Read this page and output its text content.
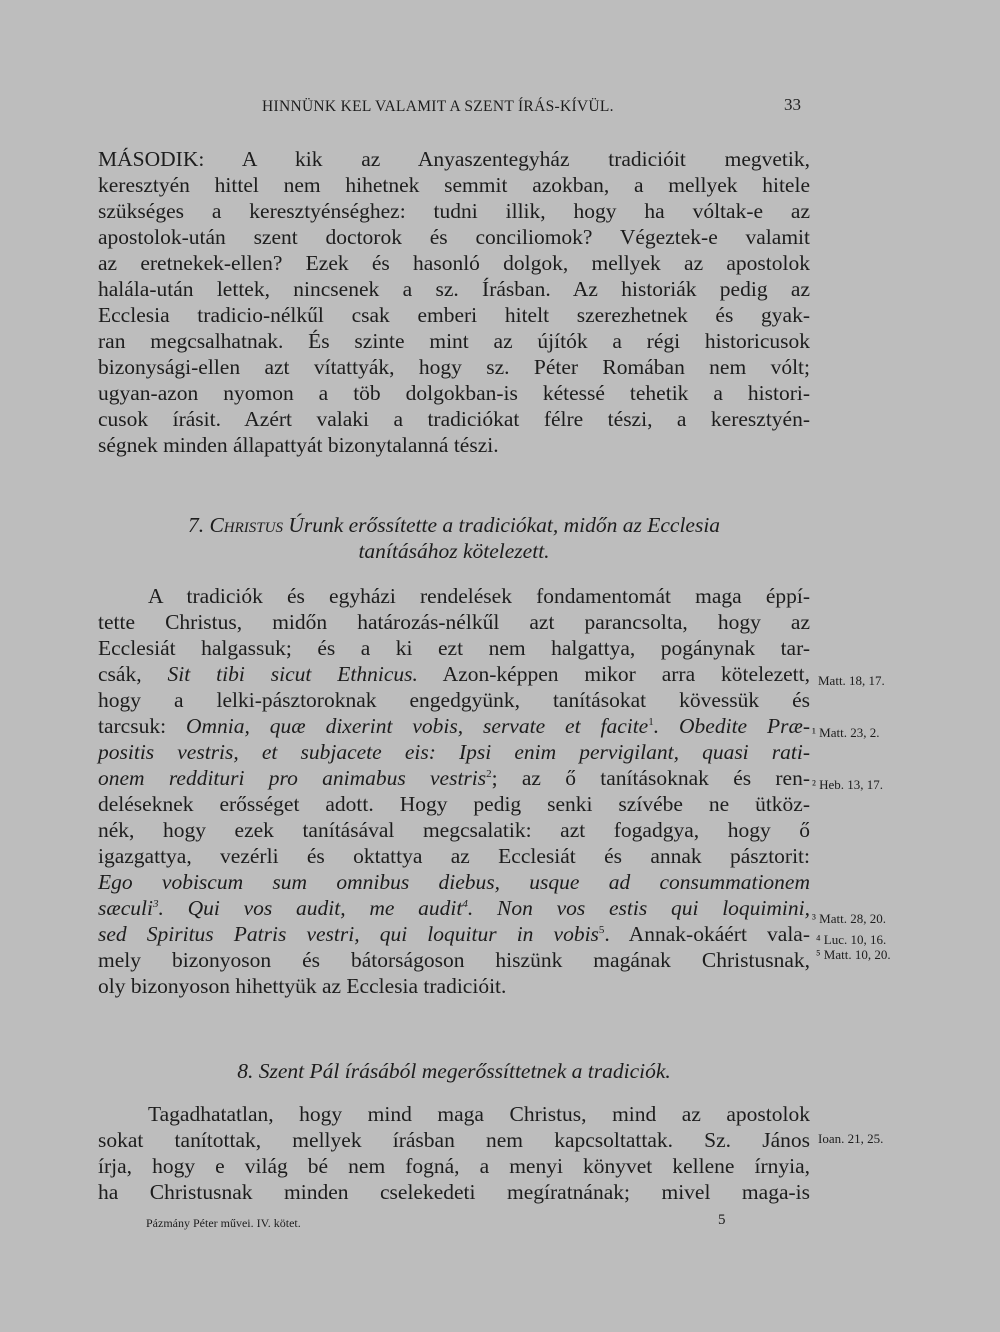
HINNÜNK KEL VALAMIT A SZENT ÍRÁS-KÍVÜL.	33
MÁSODIK: A kik az Anyaszentegyház tradicióit megvetik,
keresztyén hittel nem hihetnek semmit azokban, a mellyek hitele
szükséges a keresztyénséghez: tudni illik, hogy ha vóltak-e az
apostolok-után szent doctorok és conciliomok? Végeztek-e valamit
az eretnekek-ellen? Ezek és hasonló dolgok, mellyek az apostolok
halála-után lettek, nincsenek a sz. Írásban. Az historiák pedig az
Ecclesia tradicio-nélkűl csak emberi hitelt szerezhetnek és gyak-
ran megcsalhatnak. És szinte mint az újítók a régi historicusok
bizonysági-ellen azt vítattyák, hogy sz. Péter Romában nem vólt;
ugyan-azon nyomon a töb dolgokban-is kétessé tehetik a histori-
cusok írásit. Azért valaki a tradiciókat félre tészi, a keresztyén-
ségnek minden állapattyát bizonytalanná tészi.
7. Christus Úrunk erőssítette a tradiciókat, midőn az Ecclesia
tanításához kötelezett.
A tradiciók és egyházi rendelések fondamentomát maga éppí-
tette Christus, midőn határozás-nélkűl azt parancsolta, hogy az
Ecclesiát halgassuk; és a ki ezt nem halgattya, pogánynak tar-
csák, Sit tibi sicut Ethnicus. Azon-képpen mikor arra kötelezett,
hogy a lelki-pásztoroknak engedgyünk, tanításokat kövessük és
tarcsuk: Omnia, quæ dixerint vobis, servate et facite$^1$. Obedite Præ-
positis vestris, et subjacete eis: Ipsi enim pervigilant, quasi rati-
onem reddituri pro animabus vestris$^2$; az ő tanításoknak és ren-
deléseknek erősséget adott. Hogy pedig senki szívébe ne ütköz-
nék, hogy ezek tanításával megcsalatik: azt fogadgya, hogy ő
igazgattya, vezérli és oktattya az Ecclesiát és annak pásztorit:
Ego vobiscum sum omnibus diebus, usque ad consummationem
sæculi$^3$. Qui vos audit, me audit$^4$. Non vos estis qui loquimini,
sed Spiritus Patris vestri, qui loquitur in vobis$^5$. Annak-okáért vala-
mely bizonyoson és bátorságoson hiszünk magának Christusnak,
oly bizonyoson hihettyük az Ecclesia tradicióit.
8. Szent Pál írásából megerőssíttetnek a tradiciók.
Tagadhatatlan, hogy mind maga Christus, mind az apostolok
sokat tanítottak, mellyek írásban nem kapcsoltattak. Sz. János
írja, hogy e világ bé nem fogná, a menyi könyvet kellene írnyia,
ha Christusnak minden cselekedeti megíratnának; mivel maga-is
Matt. 18, 17.
¹ Matt. 23, 2.
² Heb. 13, 17.
³ Matt. 28, 20.
⁴ Luc. 10, 16.
⁵ Matt. 10, 20.
Ioan. 21, 25.
Pázmány Péter művei. IV. kötet.	5
